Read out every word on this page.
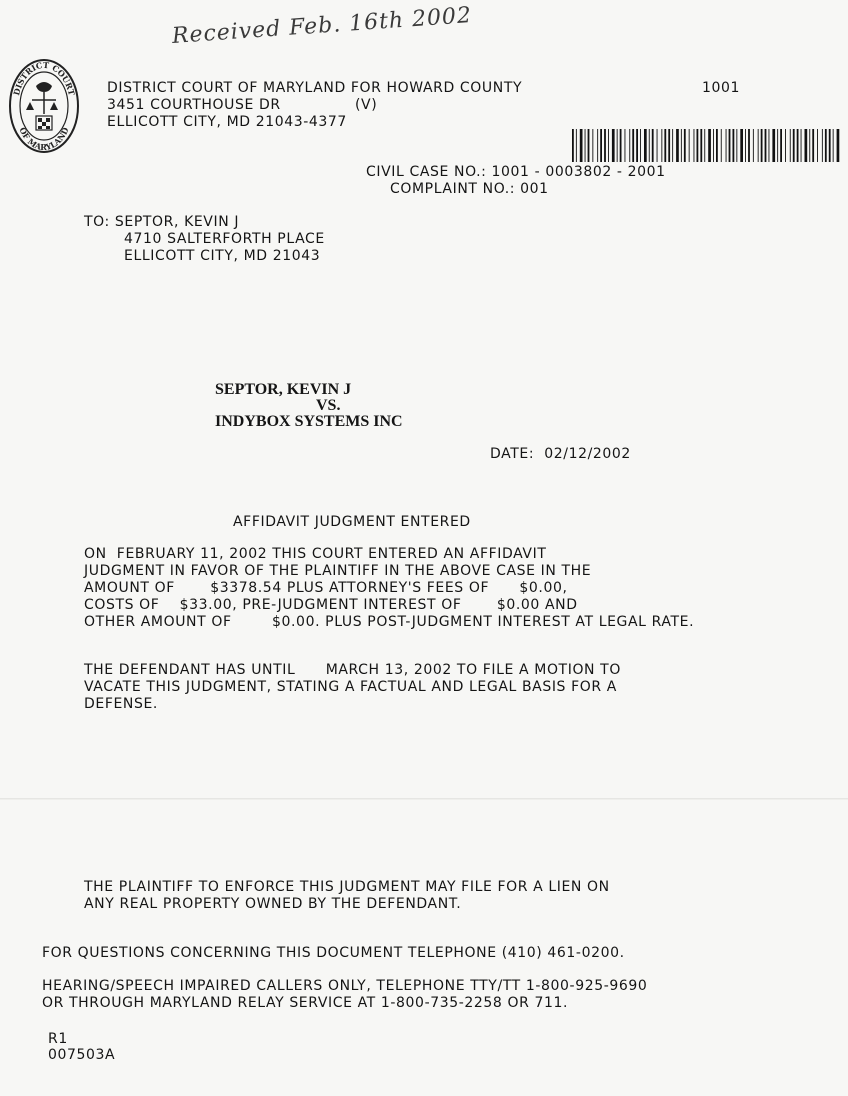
Received Feb. 16th 2002
DISTRICT COURT
OF MARYLAND
DISTRICT COURT OF MARYLAND FOR HOWARD COUNTY
3451 COURTHOUSE DR	(V)
ELLICOTT CITY, MD 21043-4377
1001
CIVIL CASE NO.: 1001 - 0003802 - 2001
COMPLAINT NO.: 001
TO: SEPTOR, KEVIN J
4710 SALTERFORTH PLACE
ELLICOTT CITY, MD 21043
SEPTOR, KEVIN J
VS.
INDYBOX SYSTEMS INC
DATE:  02/12/2002
AFFIDAVIT JUDGMENT ENTERED
ON  FEBRUARY 11, 2002 THIS COURT ENTERED AN AFFIDAVIT
JUDGMENT IN FAVOR OF THE PLAINTIFF IN THE ABOVE CASE IN THE
AMOUNT OF       $3378.54 PLUS ATTORNEY'S FEES OF      $0.00,
COSTS OF    $33.00, PRE-JUDGMENT INTEREST OF       $0.00 AND
OTHER AMOUNT OF        $0.00. PLUS POST-JUDGMENT INTEREST AT LEGAL RATE.
THE DEFENDANT HAS UNTIL      MARCH 13, 2002 TO FILE A MOTION TO
VACATE THIS JUDGMENT, STATING A FACTUAL AND LEGAL BASIS FOR A
DEFENSE.
THE PLAINTIFF TO ENFORCE THIS JUDGMENT MAY FILE FOR A LIEN ON
ANY REAL PROPERTY OWNED BY THE DEFENDANT.
FOR QUESTIONS CONCERNING THIS DOCUMENT TELEPHONE (410) 461-0200.
HEARING/SPEECH IMPAIRED CALLERS ONLY, TELEPHONE TTY/TT 1-800-925-9690
OR THROUGH MARYLAND RELAY SERVICE AT 1-800-735-2258 OR 711.
R1
007503A
